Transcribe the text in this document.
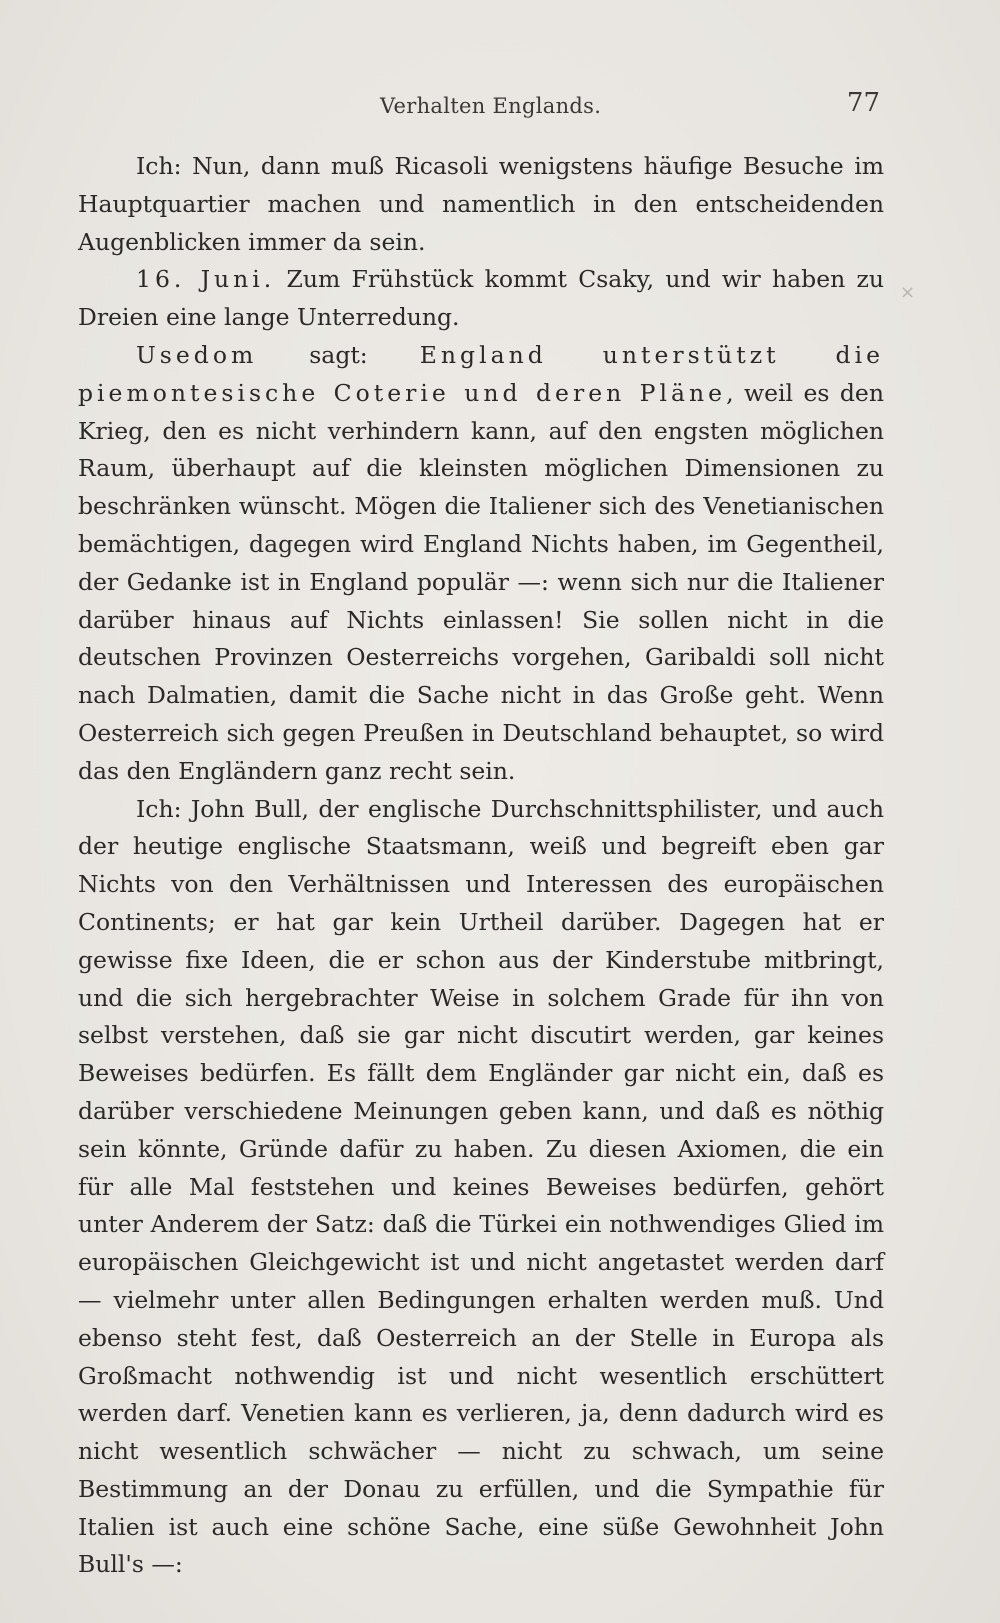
Verhalten Englands.	77
×

Ich: Nun, dann muß Ricasoli wenigstens häufige Besuche im Hauptquartier machen und namentlich in den entscheidenden Augenblicken immer da sein.

16. Juni. Zum Frühstück kommt Csaky, und wir haben zu Dreien eine lange Unterredung.

Usedom sagt: England unterstützt die piemontesische Coterie und deren Pläne, weil es den Krieg, den es nicht verhindern kann, auf den engsten möglichen Raum, überhaupt auf die kleinsten möglichen Dimensionen zu beschränken wünscht. Mögen die Italiener sich des Venetianischen bemächtigen, dagegen wird England Nichts haben, im Gegentheil, der Gedanke ist in England populär —: wenn sich nur die Italiener darüber hinaus auf Nichts einlassen! Sie sollen nicht in die deutschen Provinzen Oesterreichs vorgehen, Garibaldi soll nicht nach Dalmatien, damit die Sache nicht in das Große geht. Wenn Oesterreich sich gegen Preußen in Deutschland behauptet, so wird das den Engländern ganz recht sein.

Ich: John Bull, der englische Durchschnittsphilister, und auch der heutige englische Staatsmann, weiß und begreift eben gar Nichts von den Verhältnissen und Interessen des europäischen Continents; er hat gar kein Urtheil darüber. Dagegen hat er gewisse fixe Ideen, die er schon aus der Kinderstube mitbringt, und die sich hergebrachter Weise in solchem Grade für ihn von selbst verstehen, daß sie gar nicht discutirt werden, gar keines Beweises bedürfen. Es fällt dem Engländer gar nicht ein, daß es darüber verschiedene Meinungen geben kann, und daß es nöthig sein könnte, Gründe dafür zu haben. Zu diesen Axiomen, die ein für alle Mal feststehen und keines Beweises bedürfen, gehört unter Anderem der Satz: daß die Türkei ein nothwendiges Glied im europäischen Gleichgewicht ist und nicht angetastet werden darf — vielmehr unter allen Bedingungen erhalten werden muß. Und ebenso steht fest, daß Oesterreich an der Stelle in Europa als Großmacht nothwendig ist und nicht wesentlich erschüttert werden darf. Venetien kann es verlieren, ja, denn dadurch wird es nicht wesentlich schwächer — nicht zu schwach, um seine Bestimmung an der Donau zu erfüllen, und die Sympathie für Italien ist auch eine schöne Sache, eine süße Gewohnheit John Bull's —:
